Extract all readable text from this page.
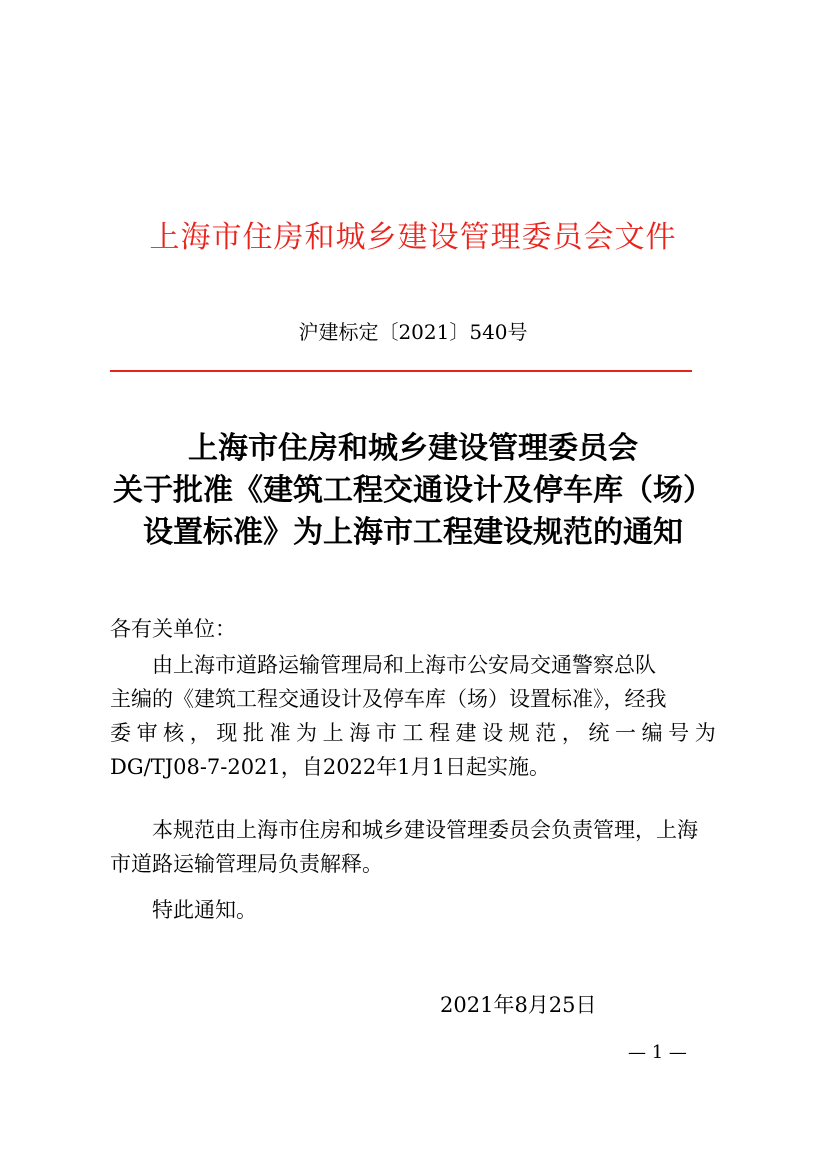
上海市住房和城乡建设管理委员会文件
沪建标定〔2021〕540号
上海市住房和城乡建设管理委员会
关于批准《建筑工程交通设计及停车库（场）
设置标准》为上海市工程建设规范的通知
各有关单位：
由上海市道路运输管理局和上海市公安局交通警察总队
主编的《建筑工程交通设计及停车库（场）设置标准》，经我
委 审 核 ， 现 批 准 为 上 海 市 工 程 建 设 规 范 ， 统 一 编 号 为
DG/TJ08-7-2021，自2022年1月1日起实施。
本规范由上海市住房和城乡建设管理委员会负责管理，上海
市道路运输管理局负责解释。
特此通知。
2021年8月25日
— 1 —
